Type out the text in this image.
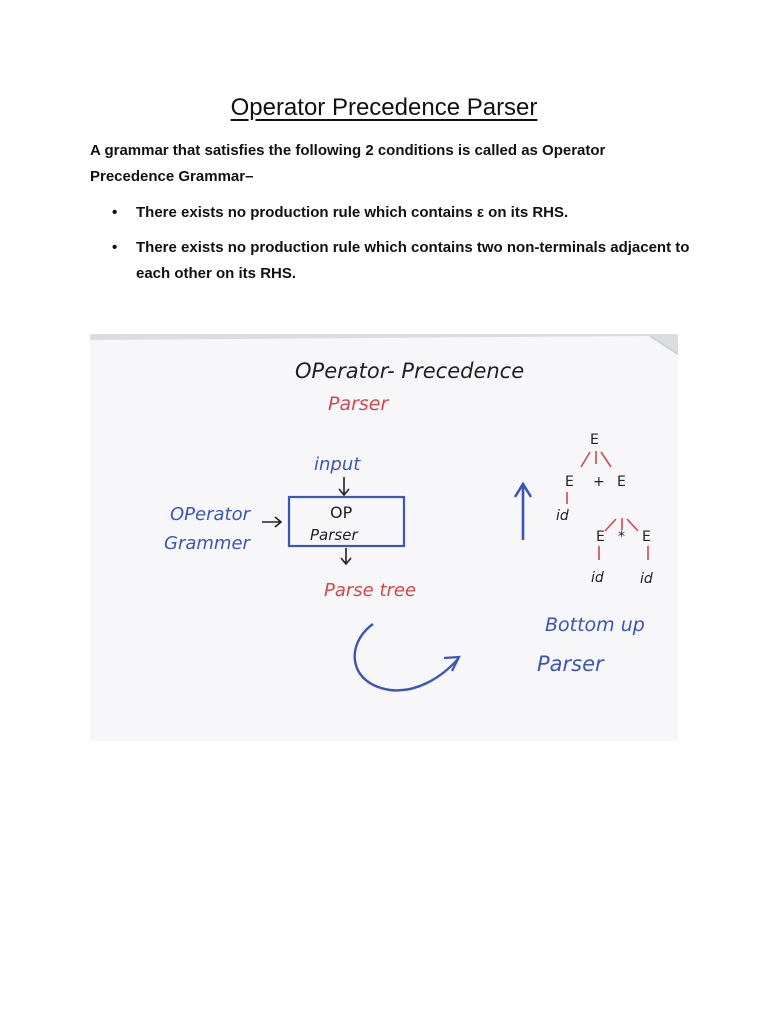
Operator Precedence Parser

A grammar that satisfies the following 2 conditions is called as Operator Precedence Grammar–

• There exists no production rule which contains ε on its RHS.
• There exists no production rule which contains two non-terminals adjacent to each other on its RHS.
OPerator- Precedence
Parser
input
OPerator
Grammer
OP
Parser
Parse tree
E
E + E
id
E * E
id	id
Bottom up
Parser
